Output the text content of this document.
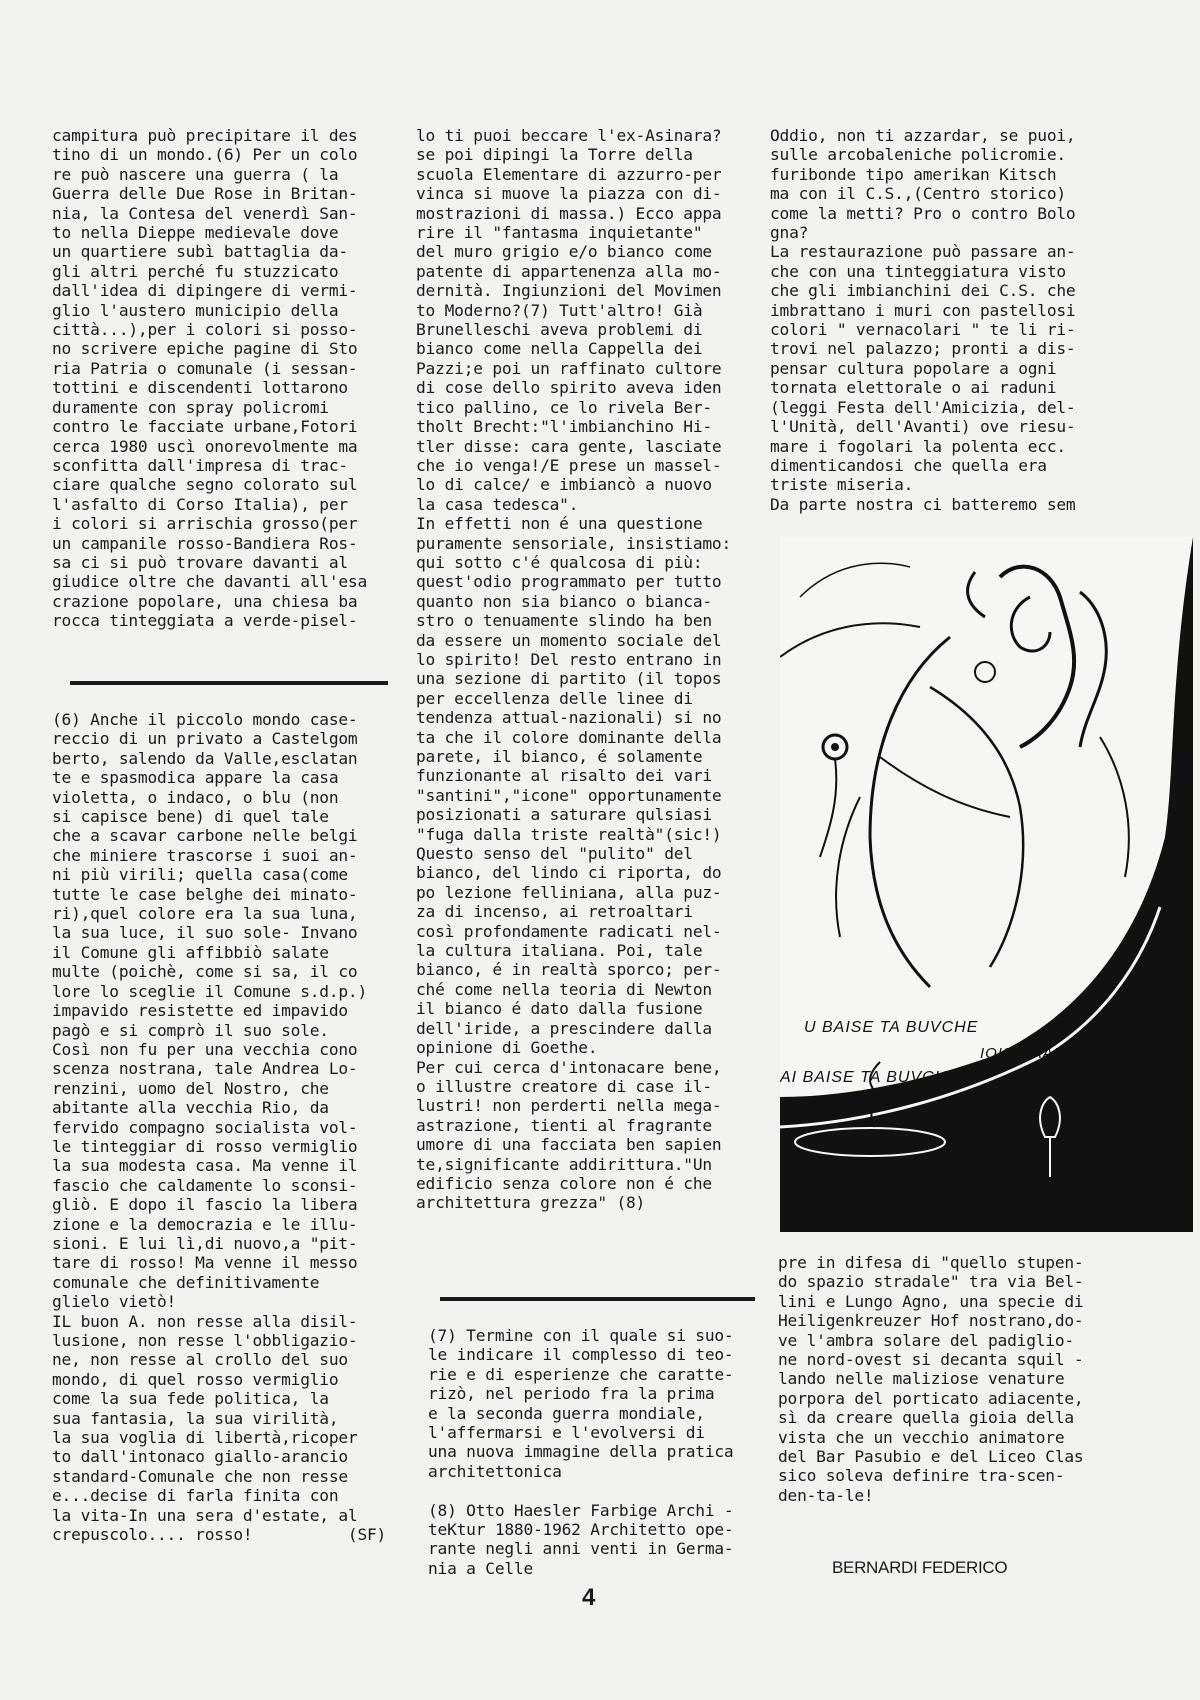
campitura può precipitare il des
tino di un mondo.(6) Per un colo
re può nascere una guerra ( la
Guerra delle Due Rose in Britan-
nia, la Contesa del venerdì San-
to nella Dieppe medievale dove
un quartiere subì battaglia da-
gli altri perché fu stuzzicato
dall'idea di dipingere di vermi-
glio l'austero municipio della
città...),per i colori si posso-
no scrivere epiche pagine di Sto
ria Patria o comunale (i sessan-
tottini e discendenti lottarono
duramente con spray policromi
contro le facciate urbane,Fotori
cerca 1980 uscì onorevolmente ma
sconfitta dall'impresa di trac-
ciare qualche segno colorato sul
l'asfalto di Corso Italia), per
i colori si arrischia grosso(per
un campanile rosso-Bandiera Ros-
sa ci si può trovare davanti al
giudice oltre che davanti all'esa
crazione popolare, una chiesa ba
rocca tinteggiata a verde-pisel-
(6) Anche il piccolo mondo case-
reccio di un privato a Castelgom
berto, salendo da Valle,esclatan
te e spasmodica appare la casa
violetta, o indaco, o blu (non
si capisce bene) di quel tale
che a scavar carbone nelle belgi
che miniere trascorse i suoi an-
ni più virili; quella casa(come
tutte le case belghe dei minato-
ri),quel colore era la sua luna,
la sua luce, il suo sole- Invano
il Comune gli affibbiò salate
multe (poichè, come si sa, il co
lore lo sceglie il Comune s.d.p.)
impavido resistette ed impavido
pagò e si comprò il suo sole.
Così non fu per una vecchia cono
scenza nostrana, tale Andrea Lo-
renzini, uomo del Nostro, che
abitante alla vecchia Rio, da
fervido compagno socialista vol-
le tinteggiar di rosso vermiglio
la sua modesta casa. Ma venne il
fascio che caldamente lo sconsi-
gliò. E dopo il fascio la libera
zione e la democrazia e le illu-
sioni. E lui lì,di nuovo,a "pit-
tare di rosso! Ma venne il messo
comunale che definitivamente
glielo vietò!
IL buon A. non resse alla disil-
lusione, non resse l'obbligazio-
ne, non resse al crollo del suo
mondo, di quel rosso vermiglio
come la sua fede politica, la
sua fantasia, la sua virilità,
la sua voglia di libertà,ricoper
to dall'intonaco giallo-arancio
standard-Comunale che non resse
e...decise di farla finita con
la vita-In una sera d'estate, al
crepuscolo.... rosso!          (SF)
lo ti puoi beccare l'ex-Asinara?
se poi dipingi la Torre della
scuola Elementare di azzurro-per
vinca si muove la piazza con di-
mostrazioni di massa.) Ecco appa
rire il "fantasma inquietante"
del muro grigio e/o bianco come
patente di appartenenza alla mo-
dernità. Ingiunzioni del Movimen
to Moderno?(7) Tutt'altro! Già
Brunelleschi aveva problemi di
bianco come nella Cappella dei
Pazzi;e poi un raffinato cultore
di cose dello spirito aveva iden
tico pallino, ce lo rivela Ber-
tholt Brecht:"l'imbianchino Hi-
tler disse: cara gente, lasciate
che io venga!/E prese un massel-
lo di calce/ e imbiancò a nuovo
la casa tedesca".
In effetti non é una questione
puramente sensoriale, insistiamo:
qui sotto c'é qualcosa di più:
quest'odio programmato per tutto
quanto non sia bianco o bianca-
stro o tenuamente slindo ha ben
da essere un momento sociale del
lo spirito! Del resto entrano in
una sezione di partito (il topos
per eccellenza delle linee di
tendenza attual-nazionali) si no
ta che il colore dominante della
parete, il bianco, é solamente
funzionante al risalto dei vari
"santini","icone" opportunamente
posizionati a saturare qulsiasi
"fuga dalla triste realtà"(sic!)
Questo senso del "pulito" del
bianco, del lindo ci riporta, do
po lezione felliniana, alla puz-
za di incenso, ai retroaltari
così profondamente radicati nel-
la cultura italiana. Poi, tale
bianco, é in realtà sporco; per-
ché come nella teoria di Newton
il bianco é dato dalla fusione
dell'iride, a prescindere dalla
opinione di Goethe.
Per cui cerca d'intonacare bene,
o illustre creatore di case il-
lustri! non perderti nella mega-
astrazione, tienti al fragrante
umore di una facciata ben sapien
te,significante addirittura."Un
edificio senza colore non é che
architettura grezza" (8)
(7) Termine con il quale si suo-
le indicare il complesso di teo-
rie e di esperienze che caratte-
rizò, nel periodo fra la prima
e la seconda guerra mondiale,
l'affermarsi e l'evolversi di
una nuova immagine della pratica
architettonica

(8) Otto Haesler Farbige Archi -
teKtur 1880-1962 Architetto ope-
rante negli anni venti in Germa-
nia a Celle
Oddio, non ti azzardar, se puoi,
sulle arcobaleniche policromie.
furibonde tipo amerikan Kitsch
ma con il C.S.,(Centro storico)
come la metti? Pro o contro Bolo
gna?
La restaurazione può passare an-
che con una tinteggiatura visto
che gli imbianchini dei C.S. che
imbrattano i muri con pastellosi
colori " vernacolari " te li ri-
trovi nel palazzo; pronti a dis-
pensar cultura popolare a ogni
tornata elettorale o ai raduni
(leggi Festa dell'Amicizia, del-
l'Unità, dell'Avanti) ove riesu-
mare i fogolari la polenta ecc.
dimenticandosi che quella era
triste miseria.
Da parte nostra ci batteremo sem
U BAISE TA BUVCHE
IOKANAAN
AI BAISE TA BUVCHE
pre in difesa di "quello stupen-
do spazio stradale" tra via Bel-
lini e Lungo Agno, una specie di
Heiligenkreuzer Hof nostrano,do-
ve l'ambra solare del padiglio-
ne nord-ovest si decanta squil -
lando nelle maliziose venature
porpora del porticato adiacente,
sì da creare quella gioia della
vista che un vecchio animatore
del Bar Pasubio e del Liceo Clas
sico soleva definire tra-scen-
den-ta-le!
BERNARDI FEDERICO
4
